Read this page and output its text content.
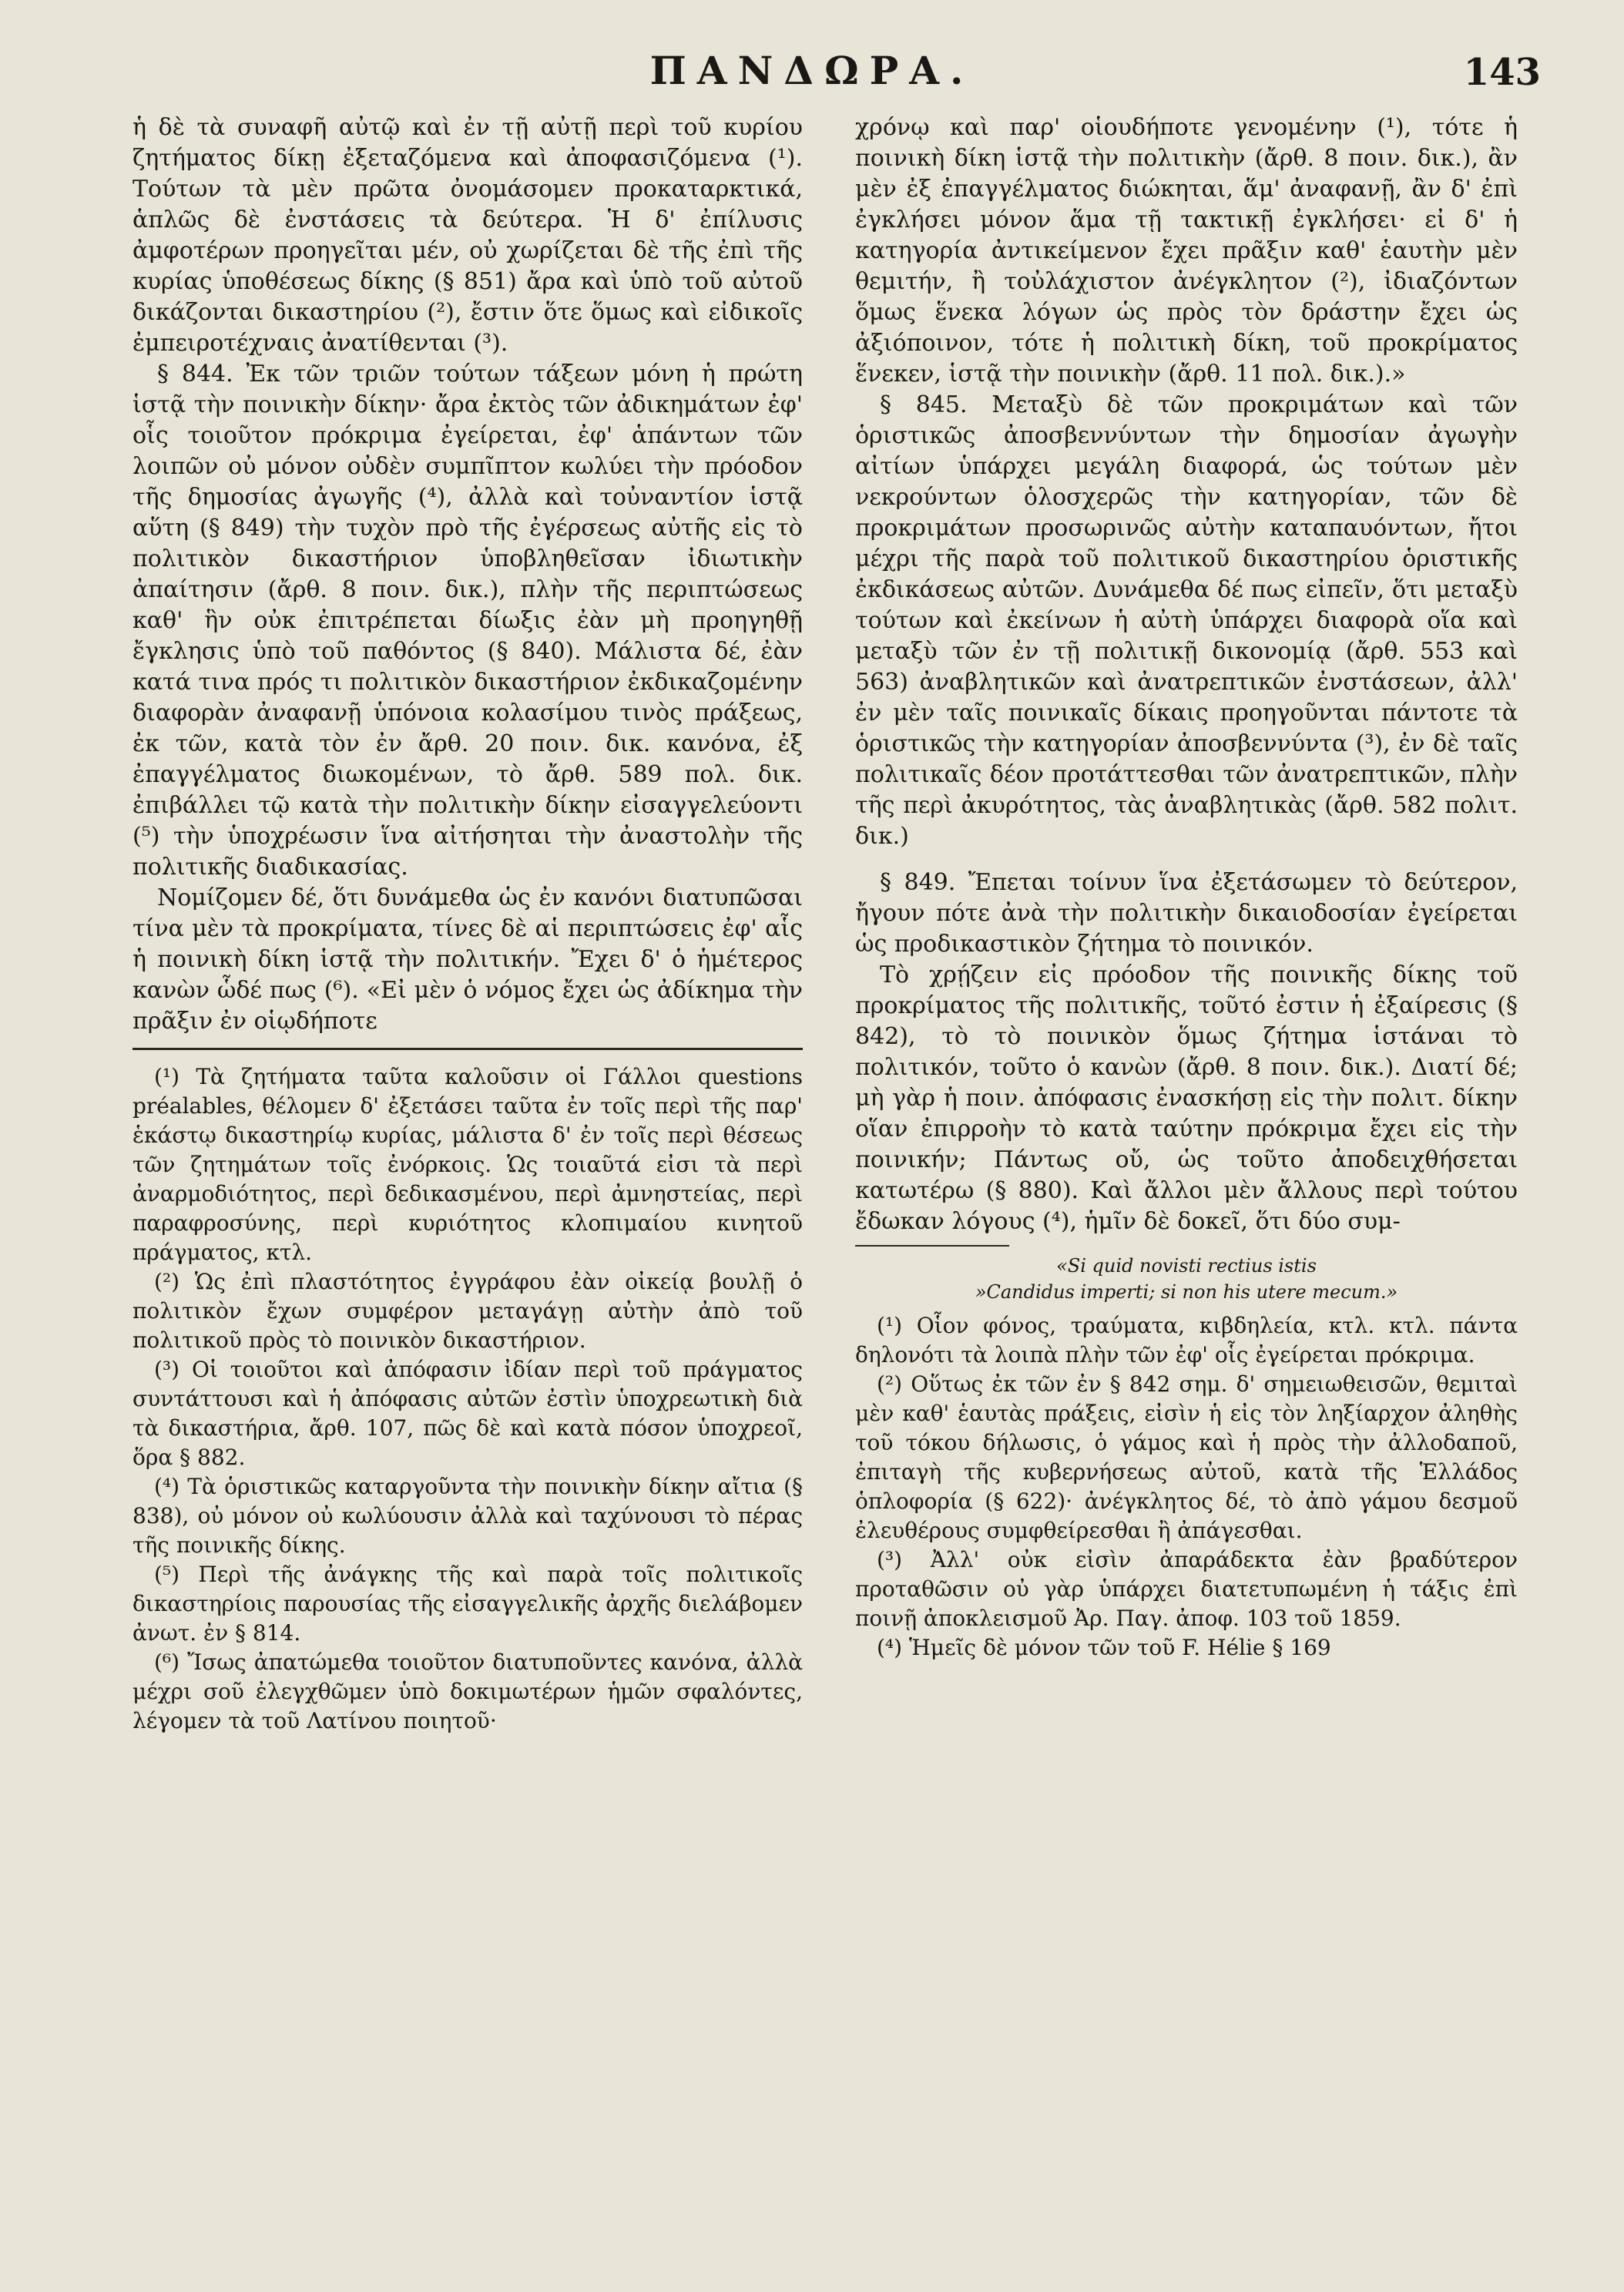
ΠΑΝΔΩΡΑ.	143

ἡ δὲ τὰ συναφῆ αὐτῷ καὶ ἐν τῇ αὐτῇ περὶ τοῦ κυρίου ζητήματος δίκῃ ἐξεταζόμενα καὶ ἀποφασιζόμενα (¹). Τούτων τὰ μὲν πρῶτα ὀνομάσομεν προκαταρκτικά, ἁπλῶς δὲ ἐνστάσεις τὰ δεύτερα. Ἡ δ' ἐπίλυσις ἀμφοτέρων προηγεῖται μέν, οὐ χωρίζεται δὲ τῆς ἐπὶ τῆς κυρίας ὑποθέσεως δίκης (§ 851) ἄρα καὶ ὑπὸ τοῦ αὐτοῦ δικάζονται δικαστηρίου (²), ἔστιν ὅτε ὅμως καὶ εἰδικοῖς ἐμπειροτέχναις ἀνατίθενται (³).

§ 844. Ἐκ τῶν τριῶν τούτων τάξεων μόνη ἡ πρώτη ἱστᾷ τὴν ποινικὴν δίκην· ἄρα ἐκτὸς τῶν ἀδικημάτων ἐφ' οἷς τοιοῦτον πρόκριμα ἐγείρεται, ἐφ' ἁπάντων τῶν λοιπῶν οὐ μόνον οὐδὲν συμπῖπτον κωλύει τὴν πρόοδον τῆς δημοσίας ἀγωγῆς (⁴), ἀλλὰ καὶ τοὐναντίον ἱστᾷ αὕτη (§ 849) τὴν τυχὸν πρὸ τῆς ἐγέρσεως αὐτῆς εἰς τὸ πολιτικὸν δικαστήριον ὑποβληθεῖσαν ἰδιωτικὴν ἀπαίτησιν (ἄρθ. 8 ποιν. δικ.), πλὴν τῆς περιπτώσεως καθ' ἣν οὐκ ἐπιτρέπεται δίωξις ἐὰν μὴ προηγηθῇ ἔγκλησις ὑπὸ τοῦ παθόντος (§ 840). Μάλιστα δέ, ἐὰν κατά τινα πρός τι πολιτικὸν δικαστήριον ἐκδικαζομένην διαφορὰν ἀναφανῇ ὑπόνοια κολασίμου τινὸς πράξεως, ἐκ τῶν, κατὰ τὸν ἐν ἄρθ. 20 ποιν. δικ. κανόνα, ἐξ ἐπαγγέλματος διωκομένων, τὸ ἄρθ. 589 πολ. δικ. ἐπιβάλλει τῷ κατὰ τὴν πολιτικὴν δίκην εἰσαγγελεύοντι (⁵) τὴν ὑποχρέωσιν ἵνα αἰτήσηται τὴν ἀναστολὴν τῆς πολιτικῆς διαδικασίας.

Νομίζομεν δέ, ὅτι δυνάμεθα ὡς ἐν κανόνι διατυπῶσαι τίνα μὲν τὰ προκρίματα, τίνες δὲ αἱ περιπτώσεις ἐφ' αἷς ἡ ποινικὴ δίκη ἱστᾷ τὴν πολιτικήν. Ἔχει δ' ὁ ἡμέτερος κανὼν ὧδέ πως (⁶). «Εἰ μὲν ὁ νόμος ἔχει ὡς ἀδίκημα τὴν πρᾶξιν ἐν οἱῳδήποτε

(¹) Τὰ ζητήματα ταῦτα καλοῦσιν οἱ Γάλλοι questions préalables, θέλομεν δ' ἐξετάσει ταῦτα ἐν τοῖς περὶ τῆς παρ' ἑκάστῳ δικαστηρίῳ κυρίας, μάλιστα δ' ἐν τοῖς περὶ θέσεως τῶν ζητημάτων τοῖς ἐνόρκοις. Ὡς τοιαῦτά εἰσι τὰ περὶ ἀναρμοδιότητος, περὶ δεδικασμένου, περὶ ἀμνηστείας, περὶ παραφροσύνης, περὶ κυριότητος κλοπιμαίου κινητοῦ πράγματος, κτλ.

(²) Ὡς ἐπὶ πλαστότητος ἐγγράφου ἐὰν οἰκείᾳ βουλῇ ὁ πολιτικὸν ἔχων συμφέρον μεταγάγῃ αὐτὴν ἀπὸ τοῦ πολιτικοῦ πρὸς τὸ ποινικὸν δικαστήριον.

(³) Οἱ τοιοῦτοι καὶ ἀπόφασιν ἰδίαν περὶ τοῦ πράγματος συντάττουσι καὶ ἡ ἀπόφασις αὐτῶν ἐστὶν ὑποχρεωτικὴ διὰ τὰ δικαστήρια, ἄρθ. 107, πῶς δὲ καὶ κατὰ πόσον ὑποχρεοῖ, ὅρα § 882.

(⁴) Τὰ ὁριστικῶς καταργοῦντα τὴν ποινικὴν δίκην αἴτια (§ 838), οὐ μόνον οὐ κωλύουσιν ἀλλὰ καὶ ταχύνουσι τὸ πέρας τῆς ποινικῆς δίκης.

(⁵) Περὶ τῆς ἀνάγκης τῆς καὶ παρὰ τοῖς πολιτικοῖς δικαστηρίοις παρουσίας τῆς εἰσαγγελικῆς ἀρχῆς διελάβομεν ἀνωτ. ἐν § 814.

(⁶) Ἴσως ἀπατώμεθα τοιοῦτον διατυποῦντες κανόνα, ἀλλὰ μέχρι σοῦ ἐλεγχθῶμεν ὑπὸ δοκιμωτέρων ἡμῶν σφαλόντες, λέγομεν τὰ τοῦ Λατίνου ποιητοῦ·

χρόνῳ καὶ παρ' οἱουδήποτε γενομένην (¹), τότε ἡ ποινικὴ δίκη ἱστᾷ τὴν πολιτικὴν (ἄρθ. 8 ποιν. δικ.), ἂν μὲν ἐξ ἐπαγγέλματος διώκηται, ἅμ' ἀναφανῇ, ἂν δ' ἐπὶ ἐγκλήσει μόνον ἅμα τῇ τακτικῇ ἐγκλήσει· εἰ δ' ἡ κατηγορία ἀντικείμενον ἔχει πρᾶξιν καθ' ἑαυτὴν μὲν θεμιτήν, ἢ τοὐλάχιστον ἀνέγκλητον (²), ἰδιαζόντων ὅμως ἕνεκα λόγων ὡς πρὸς τὸν δράστην ἔχει ὡς ἀξιόποινον, τότε ἡ πολιτικὴ δίκη, τοῦ προκρίματος ἕνεκεν, ἱστᾷ τὴν ποινικὴν (ἄρθ. 11 πολ. δικ.).»

§ 845. Μεταξὺ δὲ τῶν προκριμάτων καὶ τῶν ὁριστικῶς ἀποσβεννύντων τὴν δημοσίαν ἀγωγὴν αἰτίων ὑπάρχει μεγάλη διαφορά, ὡς τούτων μὲν νεκρούντων ὁλοσχερῶς τὴν κατηγορίαν, τῶν δὲ προκριμάτων προσωρινῶς αὐτὴν καταπαυόντων, ἤτοι μέχρι τῆς παρὰ τοῦ πολιτικοῦ δικαστηρίου ὁριστικῆς ἐκδικάσεως αὐτῶν. Δυνάμεθα δέ πως εἰπεῖν, ὅτι μεταξὺ τούτων καὶ ἐκείνων ἡ αὐτὴ ὑπάρχει διαφορὰ οἵα καὶ μεταξὺ τῶν ἐν τῇ πολιτικῇ δικονομίᾳ (ἄρθ. 553 καὶ 563) ἀναβλητικῶν καὶ ἀνατρεπτικῶν ἐνστάσεων, ἀλλ' ἐν μὲν ταῖς ποινικαῖς δίκαις προηγοῦνται πάντοτε τὰ ὁριστικῶς τὴν κατηγορίαν ἀποσβεννύντα (³), ἐν δὲ ταῖς πολιτικαῖς δέον προτάττεσθαι τῶν ἀνατρεπτικῶν, πλὴν τῆς περὶ ἀκυρότητος, τὰς ἀναβλητικὰς (ἄρθ. 582 πολιτ. δικ.)

§ 849. Ἔπεται τοίνυν ἵνα ἐξετάσωμεν τὸ δεύτερον, ἤγουν πότε ἀνὰ τὴν πολιτικὴν δικαιοδοσίαν ἐγείρεται ὡς προδικαστικὸν ζήτημα τὸ ποινικόν.

Τὸ χρῄζειν εἰς πρόοδον τῆς ποινικῆς δίκης τοῦ προκρίματος τῆς πολιτικῆς, τοῦτό ἐστιν ἡ ἐξαίρεσις (§ 842), τὸ τὸ ποινικὸν ὅμως ζήτημα ἱστάναι τὸ πολιτικόν, τοῦτο ὁ κανὼν (ἄρθ. 8 ποιν. δικ.). Διατί δέ; μὴ γὰρ ἡ ποιν. ἀπόφασις ἐνασκήσῃ εἰς τὴν πολιτ. δίκην οἵαν ἐπιρροὴν τὸ κατὰ ταύτην πρόκριμα ἔχει εἰς τὴν ποινικήν; Πάντως οὔ, ὡς τοῦτο ἀποδειχθήσεται κατωτέρω (§ 880). Καὶ ἄλλοι μὲν ἄλλους περὶ τούτου ἔδωκαν λόγους (⁴), ἡμῖν δὲ δοκεῖ, ὅτι δύο συμ-

«Si quid novisti rectius istis
»Candidus imperti; si non his utere mecum.»

(¹) Οἷον φόνος, τραύματα, κιβδηλεία, κτλ. κτλ. πάντα δηλονότι τὰ λοιπὰ πλὴν τῶν ἐφ' οἷς ἐγείρεται πρόκριμα.

(²) Οὕτως ἐκ τῶν ἐν § 842 σημ. δ' σημειωθεισῶν, θεμιταὶ μὲν καθ' ἑαυτὰς πράξεις, εἰσὶν ἡ εἰς τὸν ληξίαρχον ἀληθὴς τοῦ τόκου δήλωσις, ὁ γάμος καὶ ἡ πρὸς τὴν ἀλλοδαποῦ, ἐπιταγὴ τῆς κυβερνήσεως αὐτοῦ, κατὰ τῆς Ἑλλάδος ὁπλοφορία (§ 622)· ἀνέγκλητος δέ, τὸ ἀπὸ γάμου δεσμοῦ ἐλευθέρους συμφθείρεσθαι ἢ ἀπάγεσθαι.

(³) Ἀλλ' οὐκ εἰσὶν ἀπαράδεκτα ἐὰν βραδύτερον προταθῶσιν οὐ γὰρ ὑπάρχει διατετυπωμένη ἡ τάξις ἐπὶ ποινῇ ἀποκλεισμοῦ Ἀρ. Παγ. ἀποφ. 103 τοῦ 1859.

(⁴) Ἡμεῖς δὲ μόνον τῶν τοῦ F. Hélie § 169
